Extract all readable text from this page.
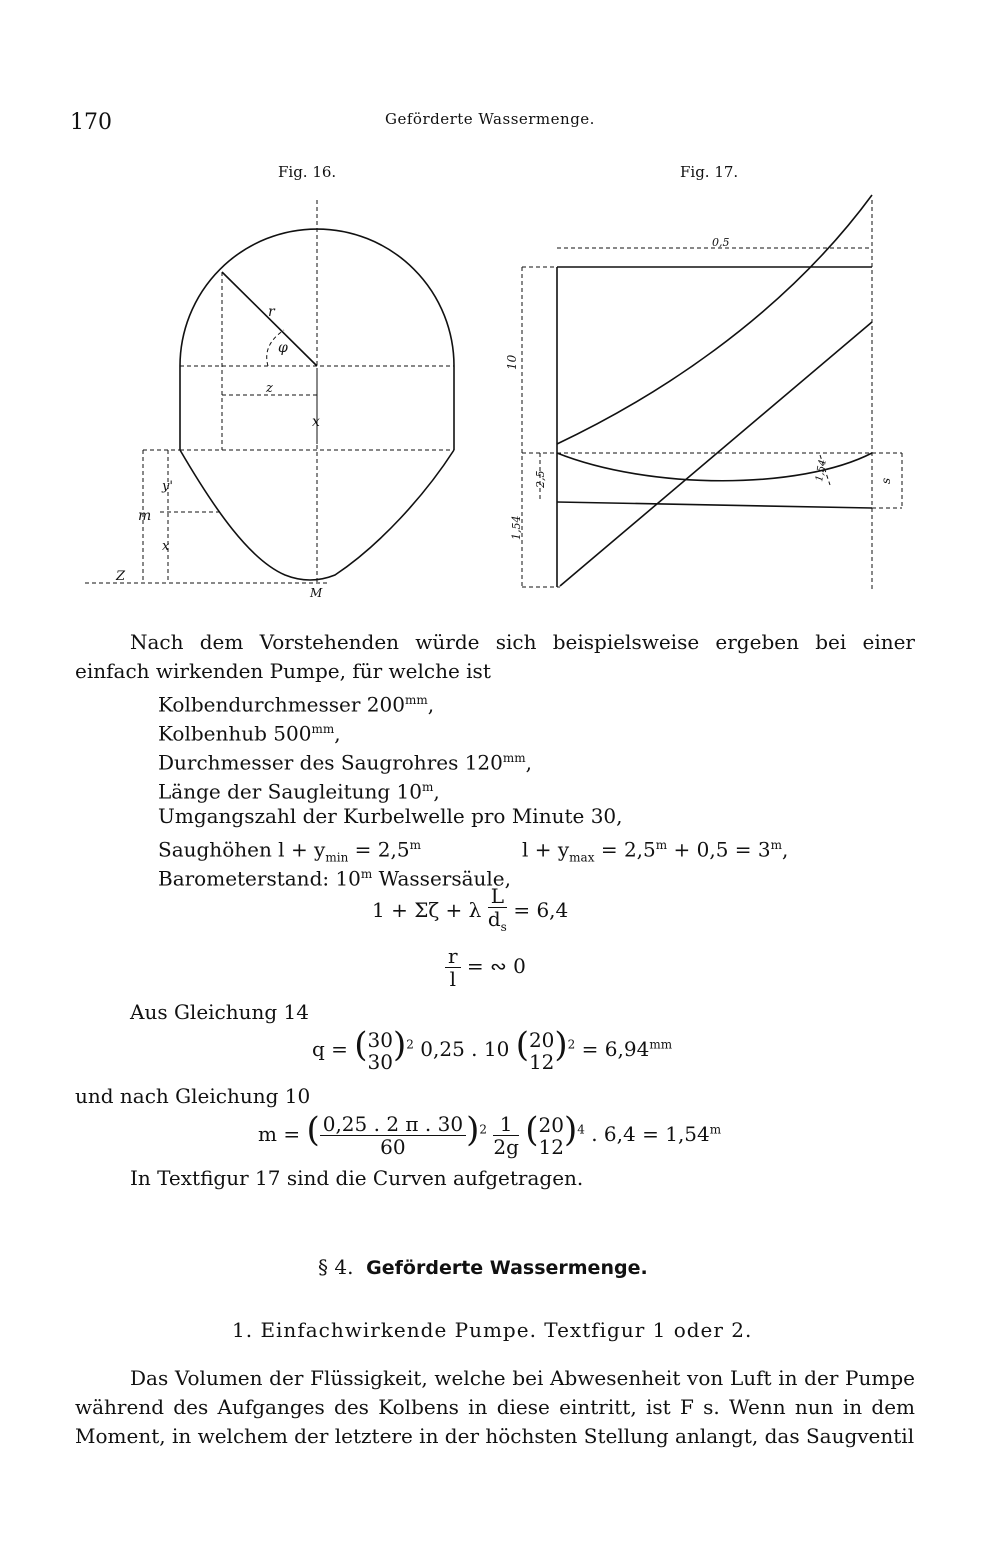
170	Geförderte Wassermenge.
Fig. 16.	Fig. 17.
r
φ
z
x
m
y'
x
Z
M
0,5
10
2,5
1,54
1,54	s
Nach dem Vorstehenden würde sich beispielsweise ergeben bei einer einfach wirkenden Pumpe, für welche ist
Kolbendurchmesser $200^{mm}$,
Kolbenhub $500^{mm}$,
Durchmesser des Saugrohres $120^{mm}$,
Länge der Saugleitung 10$^m$,
Umgangszahl der Kurbelwelle pro Minute 30,
Saughöhen $l + y_{min} = 2,5^m$	$l + y_{max} = 2,5^m + 0,5 = 3^m$,
Barometerstand: 10$^m$ Wassersäule,
1 + Σζ + λ $\frac{L}{d_s} = 6,4$
$\frac{r}{l}$ = ∾ 0
Aus Gleichung 14
q = ( 30
30 )$^2$ 0,25 . 10 ( 20
12 )$^2 = 6,94^{mm}$
und nach Gleichung 10
m = ( $\frac{0,25 . 2 \pi . 30}{60} )^2 \frac{1}{2g}$ ( 20
12 )$^4$ . $6,4 = 1,54^m$
In Textfigur 17 sind die Curven aufgetragen.
§ 4. Geförderte Wassermenge.
1. Einfachwirkende Pumpe. Textfigur 1 oder 2.
Das Volumen der Flüssigkeit, welche bei Abwesenheit von Luft in der Pumpe während des Aufganges des Kolbens in diese eintritt, ist F s. Wenn nun in dem Moment, in welchem der letztere in der höchsten Stellung anlangt, das Saugventil
